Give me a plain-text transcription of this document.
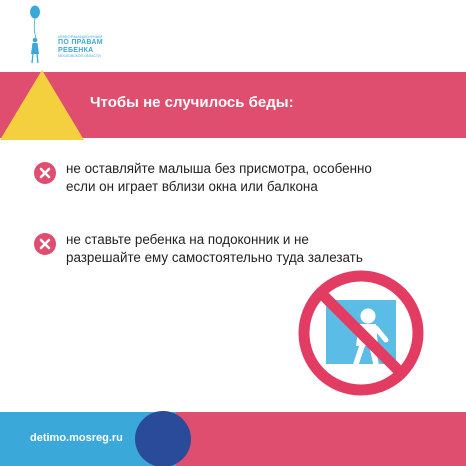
ИНФОРМАЦИОННЫЙ
ПО ПРАВАМ
РЕБЕНКА
МОСКОВСКОЙ ОБЛАСТИ
Чтобы не случилось беды:
не оставляйте малыша без присмотра, особенно если он играет вблизи окна или балкона
не ставьте ребенка на подоконник и не разрешайте ему самостоятельно туда залезать
detimo.mosreg.ru
